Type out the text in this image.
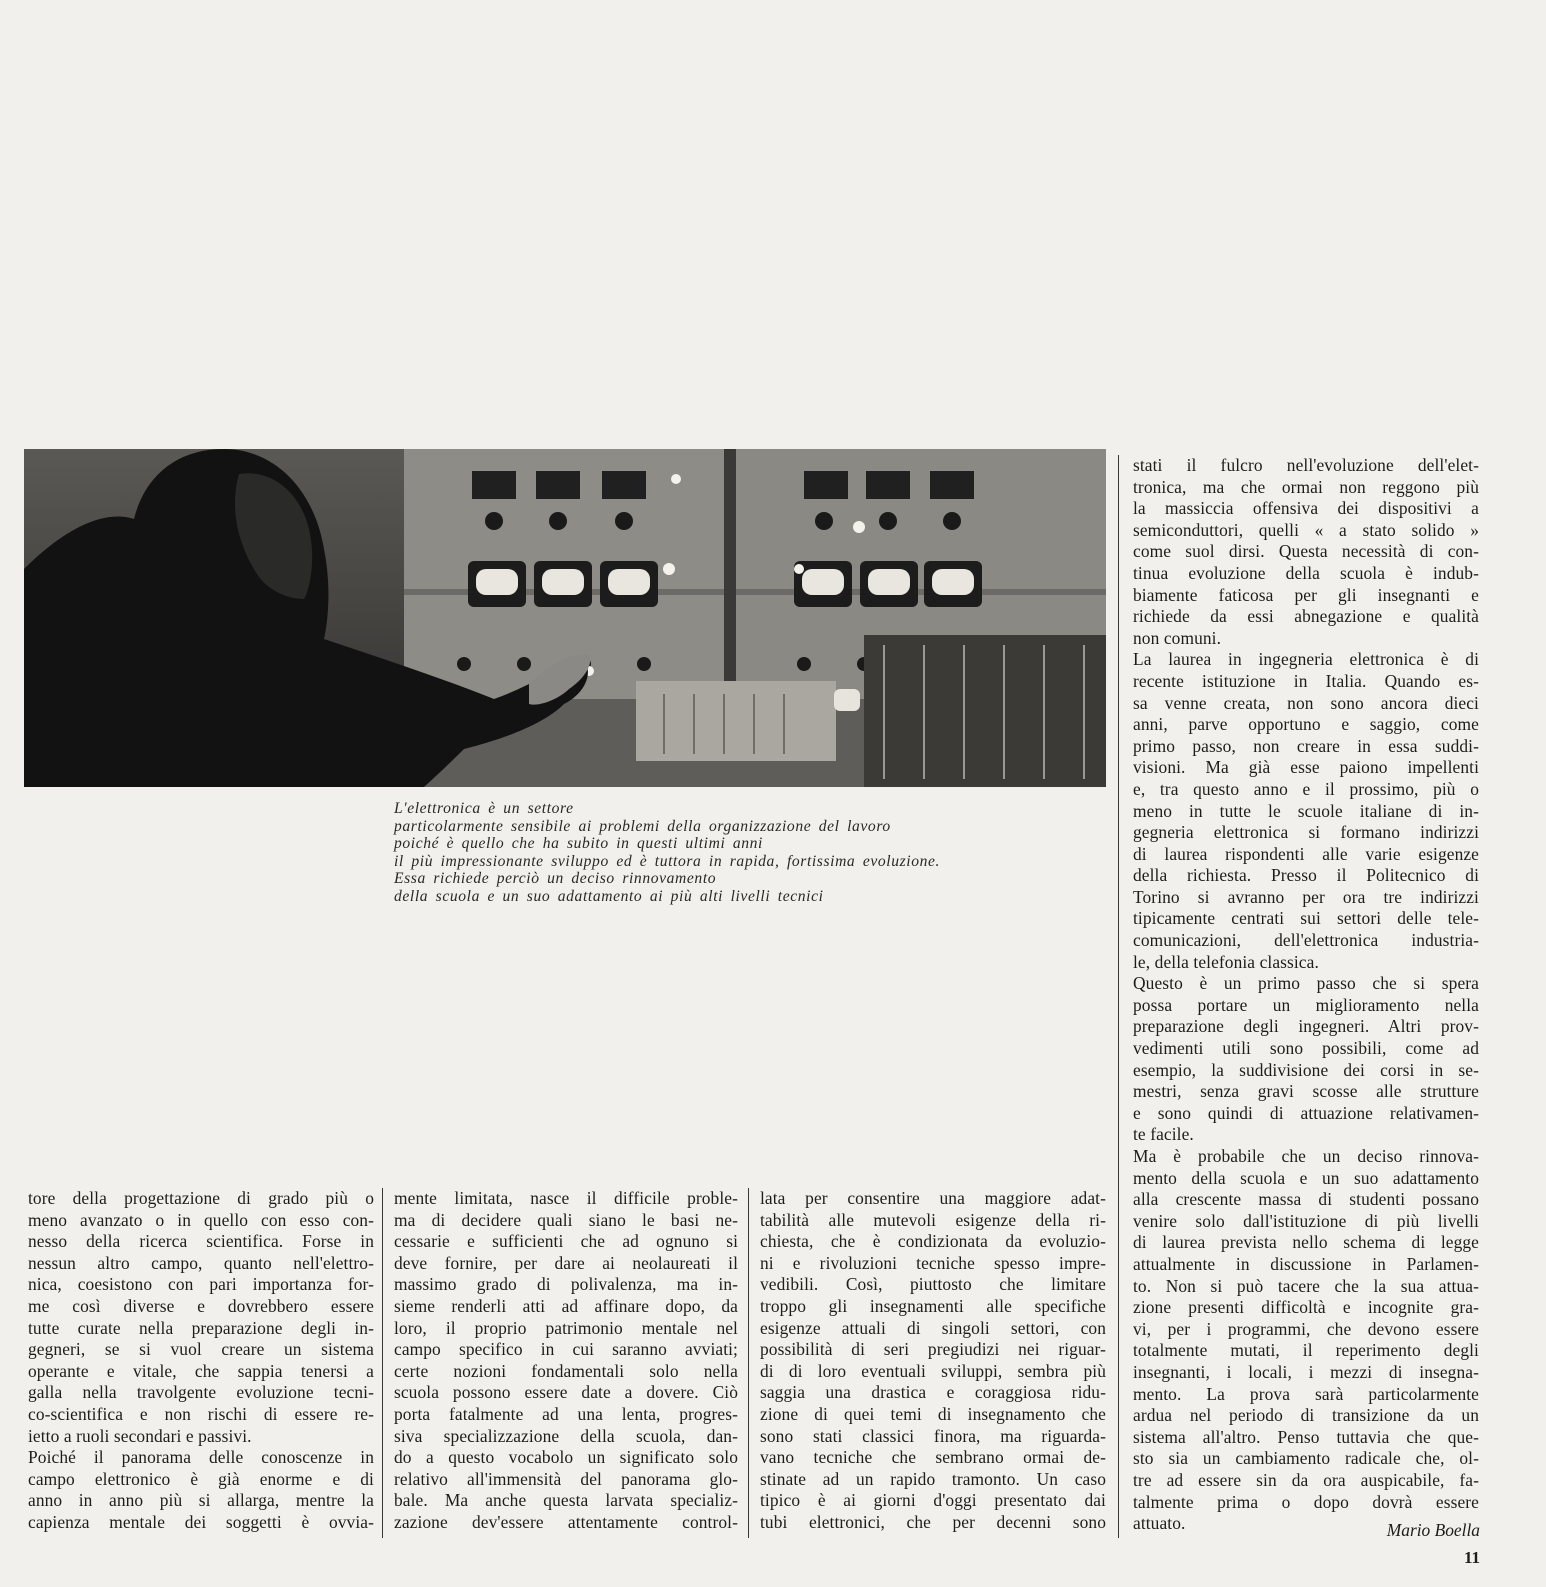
L'elettronica è un settore
particolarmente sensibile ai problemi della organizzazione del lavoro
poiché è quello che ha subito in questi ultimi anni
il più impressionante sviluppo ed è tuttora in rapida, fortissima evoluzione.
Essa richiede perciò un deciso rinnovamento
della scuola e un suo adattamento ai più alti livelli tecnici
tore della progettazione di grado più o
meno avanzato o in quello con esso con-
nesso della ricerca scientifica. Forse in
nessun altro campo, quanto nell'elettro-
nica, coesistono con pari importanza for-
me così diverse e dovrebbero essere
tutte curate nella preparazione degli in-
gegneri, se si vuol creare un sistema
operante e vitale, che sappia tenersi a
galla nella travolgente evoluzione tecni-
co-scientifica e non rischi di essere re-
ietto a ruoli secondari e passivi.
Poiché il panorama delle conoscenze in
campo elettronico è già enorme e di
anno in anno più si allarga, mentre la
capienza mentale dei soggetti è ovvia-
mente limitata, nasce il difficile proble-
ma di decidere quali siano le basi ne-
cessarie e sufficienti che ad ognuno si
deve fornire, per dare ai neolaureati il
massimo grado di polivalenza, ma in-
sieme renderli atti ad affinare dopo, da
loro, il proprio patrimonio mentale nel
campo specifico in cui saranno avviati;
certe nozioni fondamentali solo nella
scuola possono essere date a dovere. Ciò
porta fatalmente ad una lenta, progres-
siva specializzazione della scuola, dan-
do a questo vocabolo un significato solo
relativo all'immensità del panorama glo-
bale. Ma anche questa larvata specializ-
zazione dev'essere attentamente control-
lata per consentire una maggiore adat-
tabilità alle mutevoli esigenze della ri-
chiesta, che è condizionata da evoluzio-
ni e rivoluzioni tecniche spesso impre-
vedibili. Così, piuttosto che limitare
troppo gli insegnamenti alle specifiche
esigenze attuali di singoli settori, con
possibilità di seri pregiudizi nei riguar-
di di loro eventuali sviluppi, sembra più
saggia una drastica e coraggiosa ridu-
zione di quei temi di insegnamento che
sono stati classici finora, ma riguarda-
vano tecniche che sembrano ormai de-
stinate ad un rapido tramonto. Un caso
tipico è ai giorni d'oggi presentato dai
tubi elettronici, che per decenni sono
stati il fulcro nell'evoluzione dell'elet-
tronica, ma che ormai non reggono più
la massiccia offensiva dei dispositivi a
semiconduttori, quelli « a stato solido »
come suol dirsi. Questa necessità di con-
tinua evoluzione della scuola è indub-
biamente faticosa per gli insegnanti e
richiede da essi abnegazione e qualità
non comuni.
La laurea in ingegneria elettronica è di
recente istituzione in Italia. Quando es-
sa venne creata, non sono ancora dieci
anni, parve opportuno e saggio, come
primo passo, non creare in essa suddi-
visioni. Ma già esse paiono impellenti
e, tra questo anno e il prossimo, più o
meno in tutte le scuole italiane di in-
gegneria elettronica si formano indirizzi
di laurea rispondenti alle varie esigenze
della richiesta. Presso il Politecnico di
Torino si avranno per ora tre indirizzi
tipicamente centrati sui settori delle tele-
comunicazioni, dell'elettronica industria-
le, della telefonia classica.
Questo è un primo passo che si spera
possa portare un miglioramento nella
preparazione degli ingegneri. Altri prov-
vedimenti utili sono possibili, come ad
esempio, la suddivisione dei corsi in se-
mestri, senza gravi scosse alle strutture
e sono quindi di attuazione relativamen-
te facile.
Ma è probabile che un deciso rinnova-
mento della scuola e un suo adattamento
alla crescente massa di studenti possano
venire solo dall'istituzione di più livelli
di laurea prevista nello schema di legge
attualmente in discussione in Parlamen-
to. Non si può tacere che la sua attua-
zione presenti difficoltà e incognite gra-
vi, per i programmi, che devono essere
totalmente mutati, il reperimento degli
insegnanti, i locali, i mezzi di insegna-
mento. La prova sarà particolarmente
ardua nel periodo di transizione da un
sistema all'altro. Penso tuttavia che que-
sto sia un cambiamento radicale che, ol-
tre ad essere sin da ora auspicabile, fa-
talmente prima o dopo dovrà essere
attuato.	Mario Boella
11
